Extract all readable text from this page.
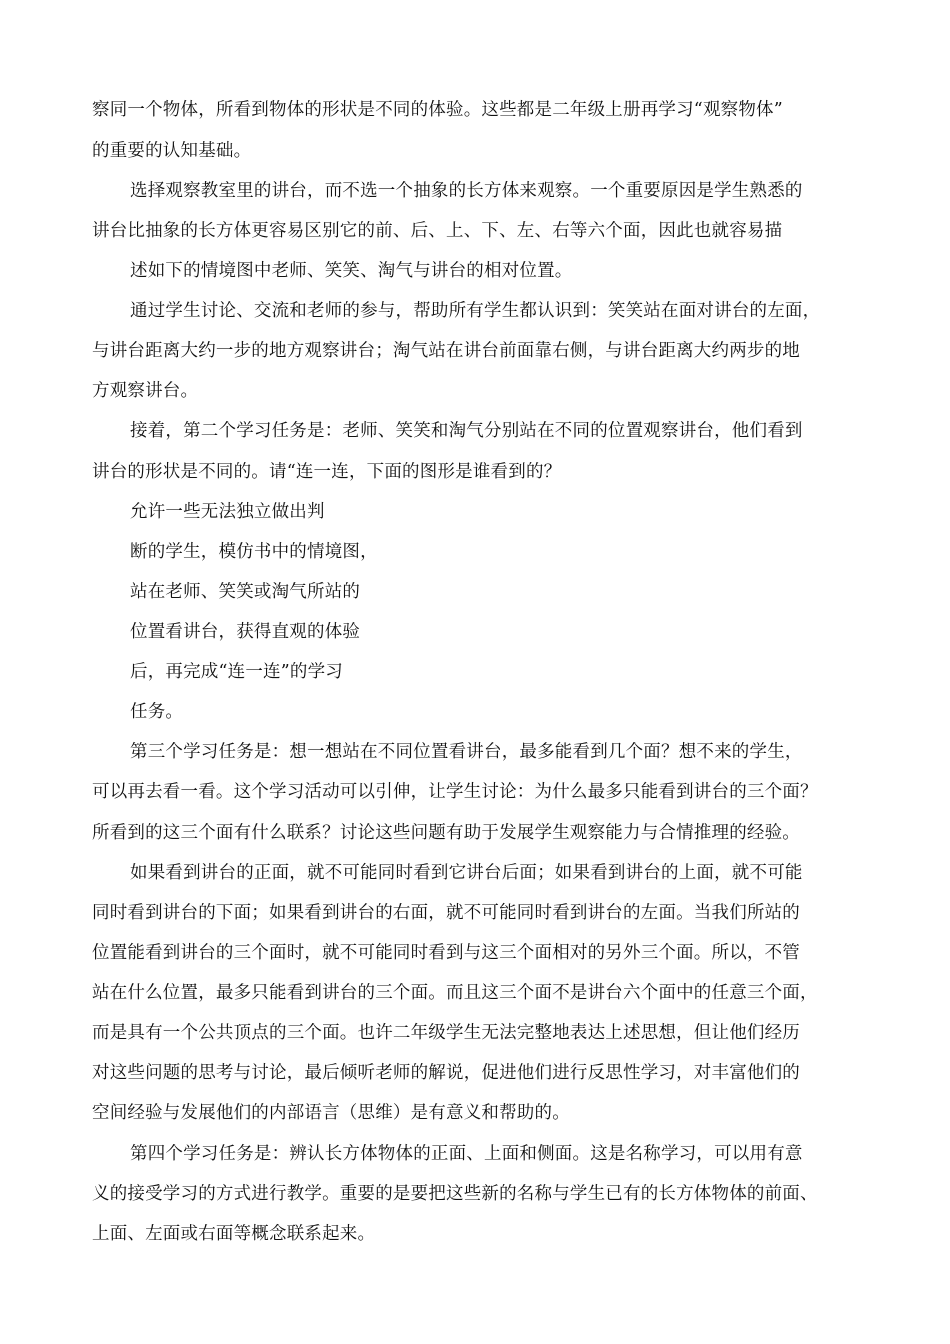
察同一个物体，所看到物体的形状是不同的体验。这些都是二年级上册再学习“观察物体”
的重要的认知基础。
选择观察教室里的讲台，而不选一个抽象的长方体来观察。一个重要原因是学生熟悉的
讲台比抽象的长方体更容易区别它的前、后、上、下、左、右等六个面，因此也就容易描
述如下的情境图中老师、笑笑、淘气与讲台的相对位置。
通过学生讨论、交流和老师的参与，帮助所有学生都认识到：笑笑站在面对讲台的左面，
与讲台距离大约一步的地方观察讲台；淘气站在讲台前面靠右侧，与讲台距离大约两步的地
方观察讲台。
接着，第二个学习任务是：老师、笑笑和淘气分别站在不同的位置观察讲台，他们看到
讲台的形状是不同的。请“连一连，下面的图形是谁看到的？
允许一些无法独立做出判
断的学生，模仿书中的情境图，
站在老师、笑笑或淘气所站的
位置看讲台，获得直观的体验
后，再完成“连一连”的学习
任务。
第三个学习任务是：想一想站在不同位置看讲台，最多能看到几个面？想不来的学生，
可以再去看一看。这个学习活动可以引伸，让学生讨论：为什么最多只能看到讲台的三个面？
所看到的这三个面有什么联系？讨论这些问题有助于发展学生观察能力与合情推理的经验。
如果看到讲台的正面，就不可能同时看到它讲台后面；如果看到讲台的上面，就不可能
同时看到讲台的下面；如果看到讲台的右面，就不可能同时看到讲台的左面。当我们所站的
位置能看到讲台的三个面时，就不可能同时看到与这三个面相对的另外三个面。所以，不管
站在什么位置，最多只能看到讲台的三个面。而且这三个面不是讲台六个面中的任意三个面，
而是具有一个公共顶点的三个面。也许二年级学生无法完整地表达上述思想，但让他们经历
对这些问题的思考与讨论，最后倾听老师的解说，促进他们进行反思性学习，对丰富他们的
空间经验与发展他们的内部语言（思维）是有意义和帮助的。
第四个学习任务是：辨认长方体物体的正面、上面和侧面。这是名称学习，可以用有意
义的接受学习的方式进行教学。重要的是要把这些新的名称与学生已有的长方体物体的前面、
上面、左面或右面等概念联系起来。
